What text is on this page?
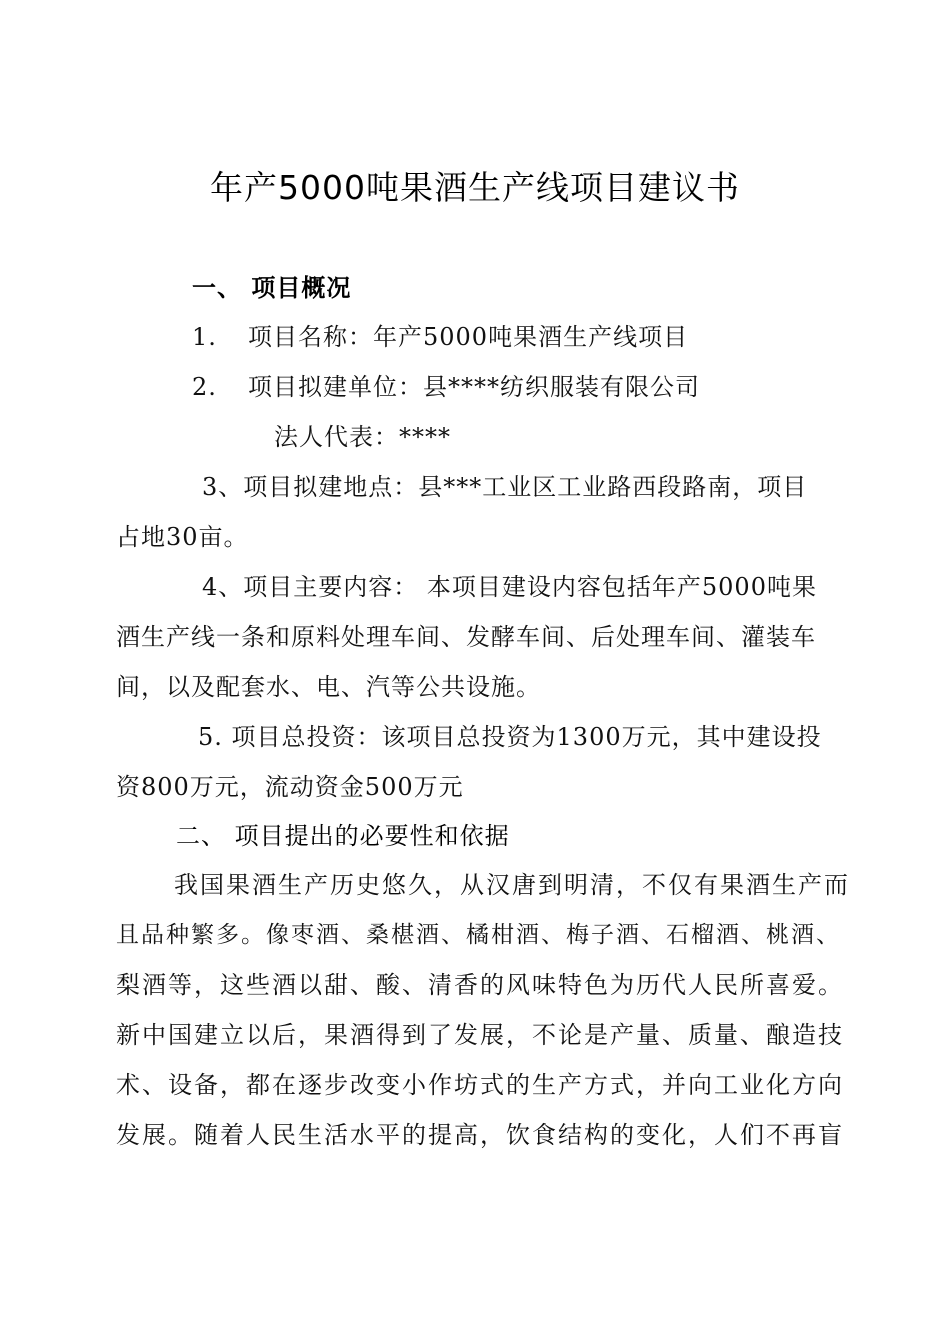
年产5000吨果酒生产线项目建议书
一、 项目概况
1. 项目名称：年产5000吨果酒生产线项目
2. 项目拟建单位：县****纺织服装有限公司
法人代表：****
3、项目拟建地点：县***工业区工业路西段路南，项目
占地30亩。
4、项目主要内容： 本项目建设内容包括年产5000吨果
酒生产线一条和原料处理车间、发酵车间、后处理车间、灌装车
间，以及配套水、电、汽等公共设施。
5. 项目总投资：该项目总投资为1300万元，其中建设投
资800万元，流动资金500万元
二、 项目提出的必要性和依据
我国果酒生产历史悠久，从汉唐到明清，不仅有果酒生产而
且品种繁多。像枣酒、桑椹酒、橘柑酒、梅子酒、石榴酒、桃酒、
梨酒等，这些酒以甜、酸、清香的风味特色为历代人民所喜爱。
新中国建立以后，果酒得到了发展，不论是产量、质量、酿造技
术、设备，都在逐步改变小作坊式的生产方式，并向工业化方向
发展。随着人民生活水平的提高，饮食结构的变化，人们不再盲
